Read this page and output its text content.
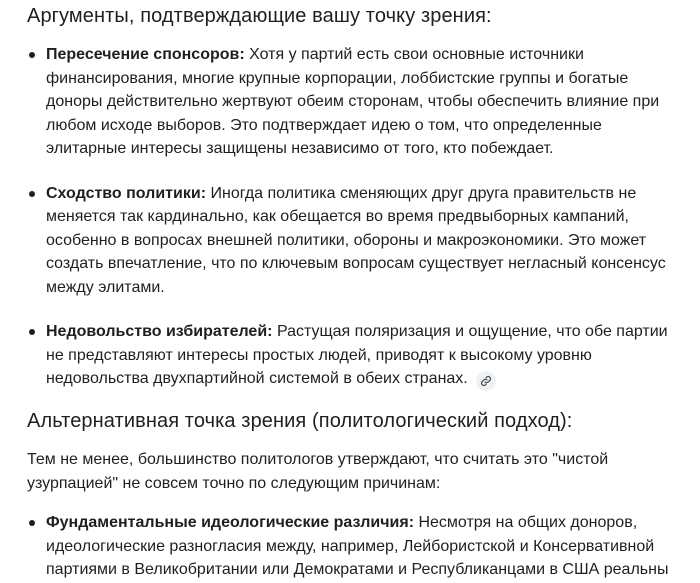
Аргументы, подтверждающие вашу точку зрения:
Пересечение спонсоров: Хотя у партий есть свои основные источники финансирования, многие крупные корпорации, лоббистские группы и богатые доноры действительно жертвуют обеим сторонам, чтобы обеспечить влияние при любом исходе выборов. Это подтверждает идею о том, что определенные элитарные интересы защищены независимо от того, кто побеждает.
Сходство политики: Иногда политика сменяющих друг друга правительств не меняется так кардинально, как обещается во время предвыборных кампаний, особенно в вопросах внешней политики, обороны и макроэкономики. Это может создать впечатление, что по ключевым вопросам существует негласный консенсус между элитами.
Недовольство избирателей: Растущая поляризация и ощущение, что обе партии не представляют интересы простых людей, приводят к высокому уровню недовольства двухпартийной системой в обеих странах.
Альтернативная точка зрения (политологический подход):
Тем не менее, большинство политологов утверждают, что считать это "чистой узурпацией" не совсем точно по следующим причинам:
Фундаментальные идеологические различия: Несмотря на общих доноров, идеологические разногласия между, например, Лейбористской и Консервативной партиями в Великобритании или Демократами и Республиканцами в США реальны
